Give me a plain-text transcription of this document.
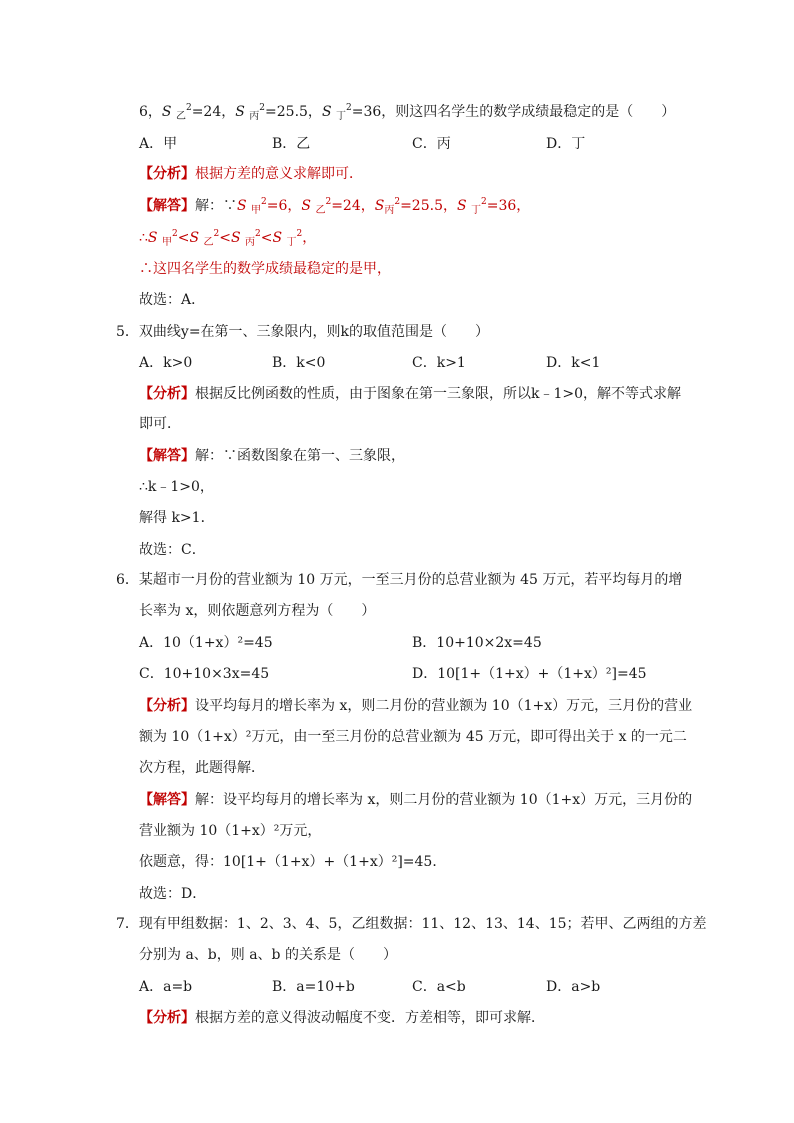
6，S $_乙^2$=24，S $_丙^2$=25.5，S $_丁^2$=36，则这四名学生的数学成绩最稳定的是（　　）
A．甲	B．乙	C．丙	D．丁
【分析】根据方差的意义求解即可．
【解答】解：∵S $_甲^2$=6，S $_乙^2$=24，$S_丙^2=25.5$，S $_丁^2$=36，
∴S $_甲^2$<S $_乙^2$<S $_丙^2$<S $_丁^2$，
∴这四名学生的数学成绩最稳定的是甲，
故选：A．
5．双曲线y=在第一、三象限内，则k的取值范围是（　　）
A．k>0	B．k<0	C．k>1	D．k<1
【分析】根据反比例函数的性质，由于图象在第一三象限，所以k﹣1>0，解不等式求解
即可．
【解答】解：∵函数图象在第一、三象限，
∴k﹣1>0，
解得 k>1．
故选：C．
6．某超市一月份的营业额为 10 万元，一至三月份的总营业额为 45 万元，若平均每月的增
长率为 x，则依题意列方程为（　　）
A．10（1+x）²=45	B．10+10×2x=45
C．10+10×3x=45	D．10[1+（1+x）+（1+x）²]=45
【分析】设平均每月的增长率为 x，则二月份的营业额为 10（1+x）万元，三月份的营业
额为 10（1+x）²万元，由一至三月份的总营业额为 45 万元，即可得出关于 x 的一元二
次方程，此题得解．
【解答】解：设平均每月的增长率为 x，则二月份的营业额为 10（1+x）万元，三月份的
营业额为 10（1+x）²万元，
依题意，得：10[1+（1+x）+（1+x）²]=45．
故选：D．
7．现有甲组数据：1、2、3、4、5，乙组数据：11、12、13、14、15；若甲、乙两组的方差
分别为 a、b，则 a、b 的关系是（　　）
A．a=b	B．a=10+b	C．a<b	D．a>b
【分析】根据方差的意义得波动幅度不变．方差相等，即可求解．
